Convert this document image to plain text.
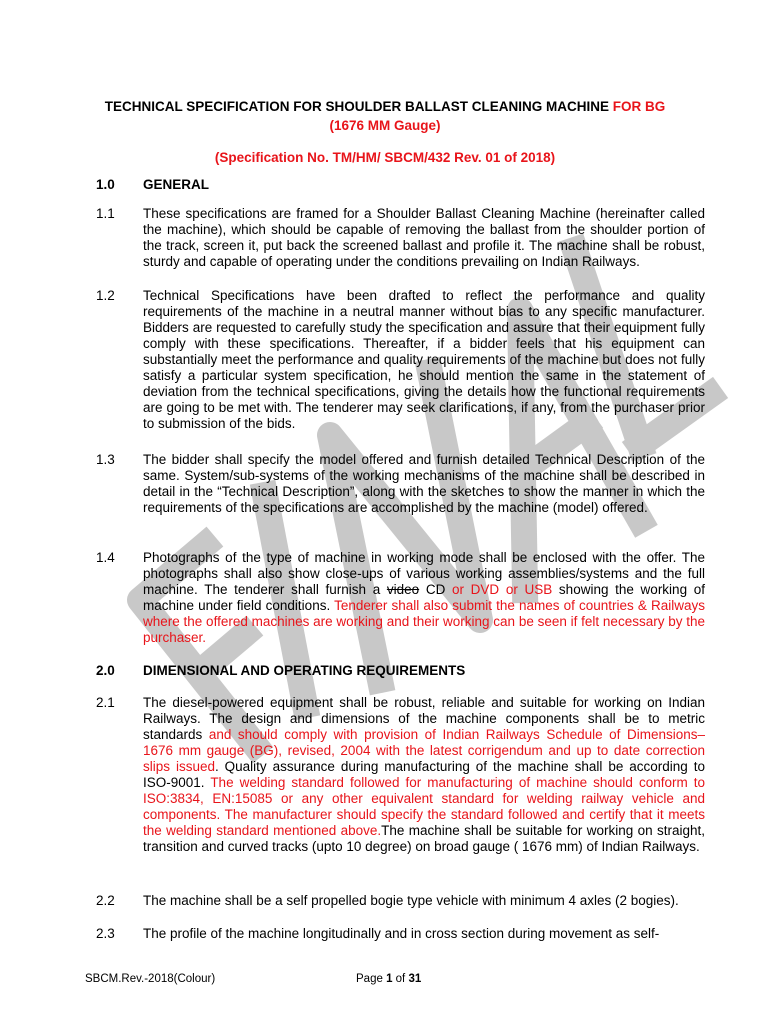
TECHNICAL SPECIFICATION FOR SHOULDER BALLAST CLEANING MACHINE FOR BG
(1676 MM Gauge)
(Specification No. TM/HM/ SBCM/432 Rev. 01 of 2018)
1.0 GENERAL
1.1 These specifications are framed for a Shoulder Ballast Cleaning Machine (hereinafter called the machine), which should be capable of removing the ballast from the shoulder portion of the track, screen it, put back the screened ballast and profile it. The machine shall be robust, sturdy and capable of operating under the conditions prevailing on Indian Railways.
1.2 Technical Specifications have been drafted to reflect the performance and quality requirements of the machine in a neutral manner without bias to any specific manufacturer. Bidders are requested to carefully study the specification and assure that their equipment fully comply with these specifications. Thereafter, if a bidder feels that his equipment can substantially meet the performance and quality requirements of the machine but does not fully satisfy a particular system specification, he should mention the same in the statement of deviation from the technical specifications, giving the details how the functional requirements are going to be met with. The tenderer may seek clarifications, if any, from the purchaser prior to submission of the bids.
1.3 The bidder shall specify the model offered and furnish detailed Technical Description of the same. System/sub-systems of the working mechanisms of the machine shall be described in detail in the “Technical Description”, along with the sketches to show the manner in which the requirements of the specifications are accomplished by the machine (model) offered.
1.4 Photographs of the type of machine in working mode shall be enclosed with the offer. The photographs shall also show close-ups of various working assemblies/systems and the full machine. The tenderer shall furnish a video CD or DVD or USB showing the working of machine under field conditions. Tenderer shall also submit the names of countries & Railways where the offered machines are working and their working can be seen if felt necessary by the purchaser.
2.0 DIMENSIONAL AND OPERATING REQUIREMENTS
2.1 The diesel-powered equipment shall be robust, reliable and suitable for working on Indian Railways. The design and dimensions of the machine components shall be to metric standards and should comply with provision of Indian Railways Schedule of Dimensions– 1676 mm gauge (BG), revised, 2004 with the latest corrigendum and up to date correction slips issued. Quality assurance during manufacturing of the machine shall be according to ISO-9001. The welding standard followed for manufacturing of machine should conform to ISO:3834, EN:15085 or any other equivalent standard for welding railway vehicle and components. The manufacturer should specify the standard followed and certify that it meets the welding standard mentioned above.The machine shall be suitable for working on straight, transition and curved tracks (upto 10 degree) on broad gauge ( 1676 mm) of Indian Railways.
2.2 The machine shall be a self propelled bogie type vehicle with minimum 4 axles (2 bogies).
2.3 The profile of the machine longitudinally and in cross section during movement as self-
SBCM.Rev.-2018(Colour)	Page 1 of 31
